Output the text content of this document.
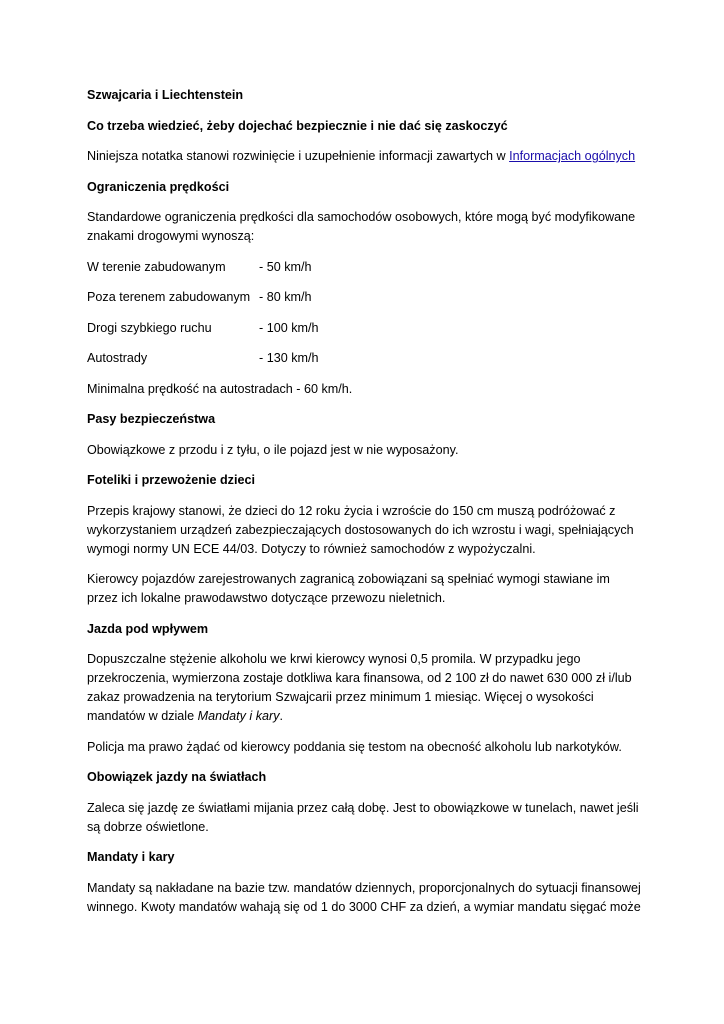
Szwajcaria i Liechtenstein

Co trzeba wiedzieć, żeby dojechać bezpiecznie i nie dać się zaskoczyć

Niniejsza notatka stanowi rozwinięcie i uzupełnienie informacji zawartych w Informacjach ogólnych

Ograniczenia prędkości

Standardowe ograniczenia prędkości dla samochodów osobowych, które mogą być modyfikowane znakami drogowymi wynoszą:

W terenie zabudowanym	- 50 km/h
Poza terenem zabudowanym - 80 km/h
Drogi szybkiego ruchu	- 100 km/h
Autostrady	- 130 km/h

Minimalna prędkość na autostradach - 60 km/h.

Pasy bezpieczeństwa

Obowiązkowe z przodu i z tyłu, o ile pojazd jest w nie wyposażony.

Foteliki i przewożenie dzieci

Przepis krajowy stanowi, że dzieci do 12 roku życia i wzroście do 150 cm muszą podróżować z wykorzystaniem urządzeń zabezpieczających dostosowanych do ich wzrostu i wagi, spełniających wymogi normy UN ECE 44/03. Dotyczy to również samochodów z wypożyczalni.

Kierowcy pojazdów zarejestrowanych zagranicą zobowiązani są spełniać wymogi stawiane im przez ich lokalne prawodawstwo dotyczące przewozu nieletnich.

Jazda pod wpływem

Dopuszczalne stężenie alkoholu we krwi kierowcy wynosi 0,5 promila. W przypadku jego przekroczenia, wymierzona zostaje dotkliwa kara finansowa, od 2 100 zł do nawet 630 000 zł i/lub zakaz prowadzenia na terytorium Szwajcarii przez minimum 1 miesiąc. Więcej o wysokości mandatów w dziale Mandaty i kary.

Policja ma prawo żądać od kierowcy poddania się testom na obecność alkoholu lub narkotyków.

Obowiązek jazdy na światłach

Zaleca się jazdę ze światłami mijania przez całą dobę. Jest to obowiązkowe w tunelach, nawet jeśli są dobrze oświetlone.

Mandaty i kary

Mandaty są nakładane na bazie tzw. mandatów dziennych, proporcjonalnych do sytuacji finansowej winnego. Kwoty mandatów wahają się od 1 do 3000 CHF za dzień, a wymiar mandatu sięgać może
